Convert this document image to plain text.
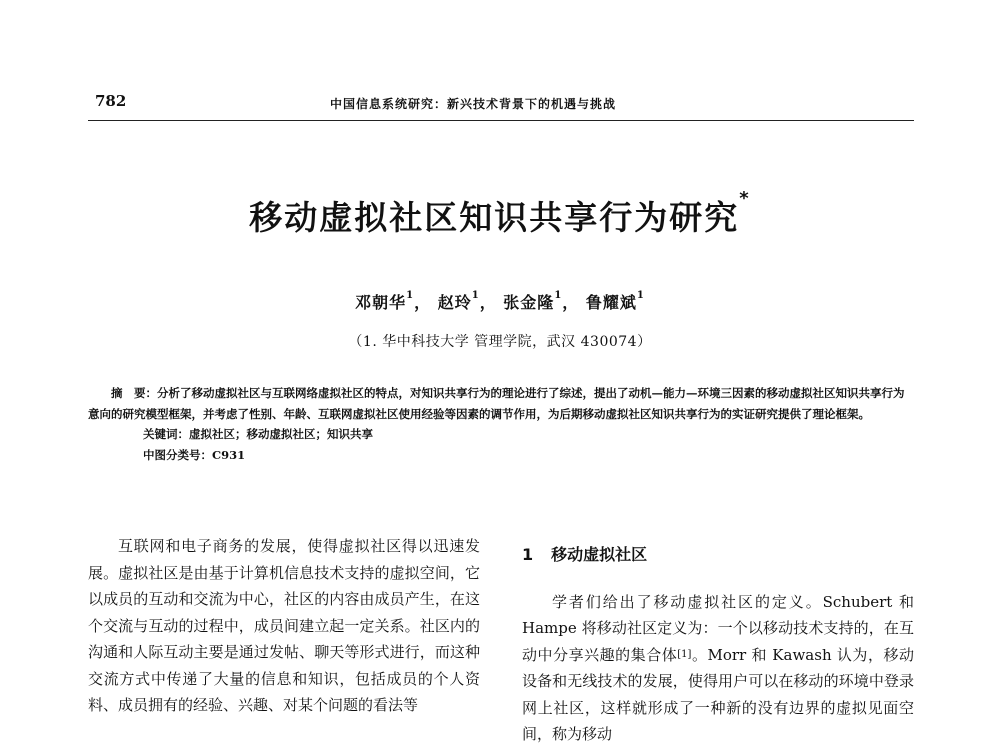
782	中国信息系统研究：新兴技术背景下的机遇与挑战
移动虚拟社区知识共享行为研究*
邓朝华$^1$， 赵玲$^1$， 张金隆$^1$， 鲁耀斌$^1$
（1. 华中科技大学 管理学院，武汉 430074）

摘　要：分析了移动虚拟社区与互联网络虚拟社区的特点，对知识共享行为的理论进行了综述，提出了动机—能力—环境三因素的移动虚拟社区知识共享行为意向的研究模型框架，并考虑了性别、年龄、互联网虚拟社区使用经验等因素的调节作用，为后期移动虚拟社区知识共享行为的实证研究提供了理论框架。

关键词：虚拟社区；移动虚拟社区；知识共享

中图分类号：C931

互联网和电子商务的发展，使得虚拟社区得以迅速发展。虚拟社区是由基于计算机信息技术支持的虚拟空间，它以成员的互动和交流为中心，社区的内容由成员产生，在这个交流与互动的过程中，成员间建立起一定关系。社区内的沟通和人际互动主要是通过发帖、聊天等形式进行，而这种交流方式中传递了大量的信息和知识，包括成员的个人资料、成员拥有的经验、兴趣、对某个问题的看法等

1 移动虚拟社区

学者们给出了移动虚拟社区的定义。Schubert 和 Hampe 将移动社区定义为：一个以移动技术支持的，在互动中分享兴趣的集合体[1]。Morr 和 Kawash 认为，移动设备和无线技术的发展，使得用户可以在移动的环境中登录网上社区，这样就形成了一种新的没有边界的虚拟见面空间，称为移动
